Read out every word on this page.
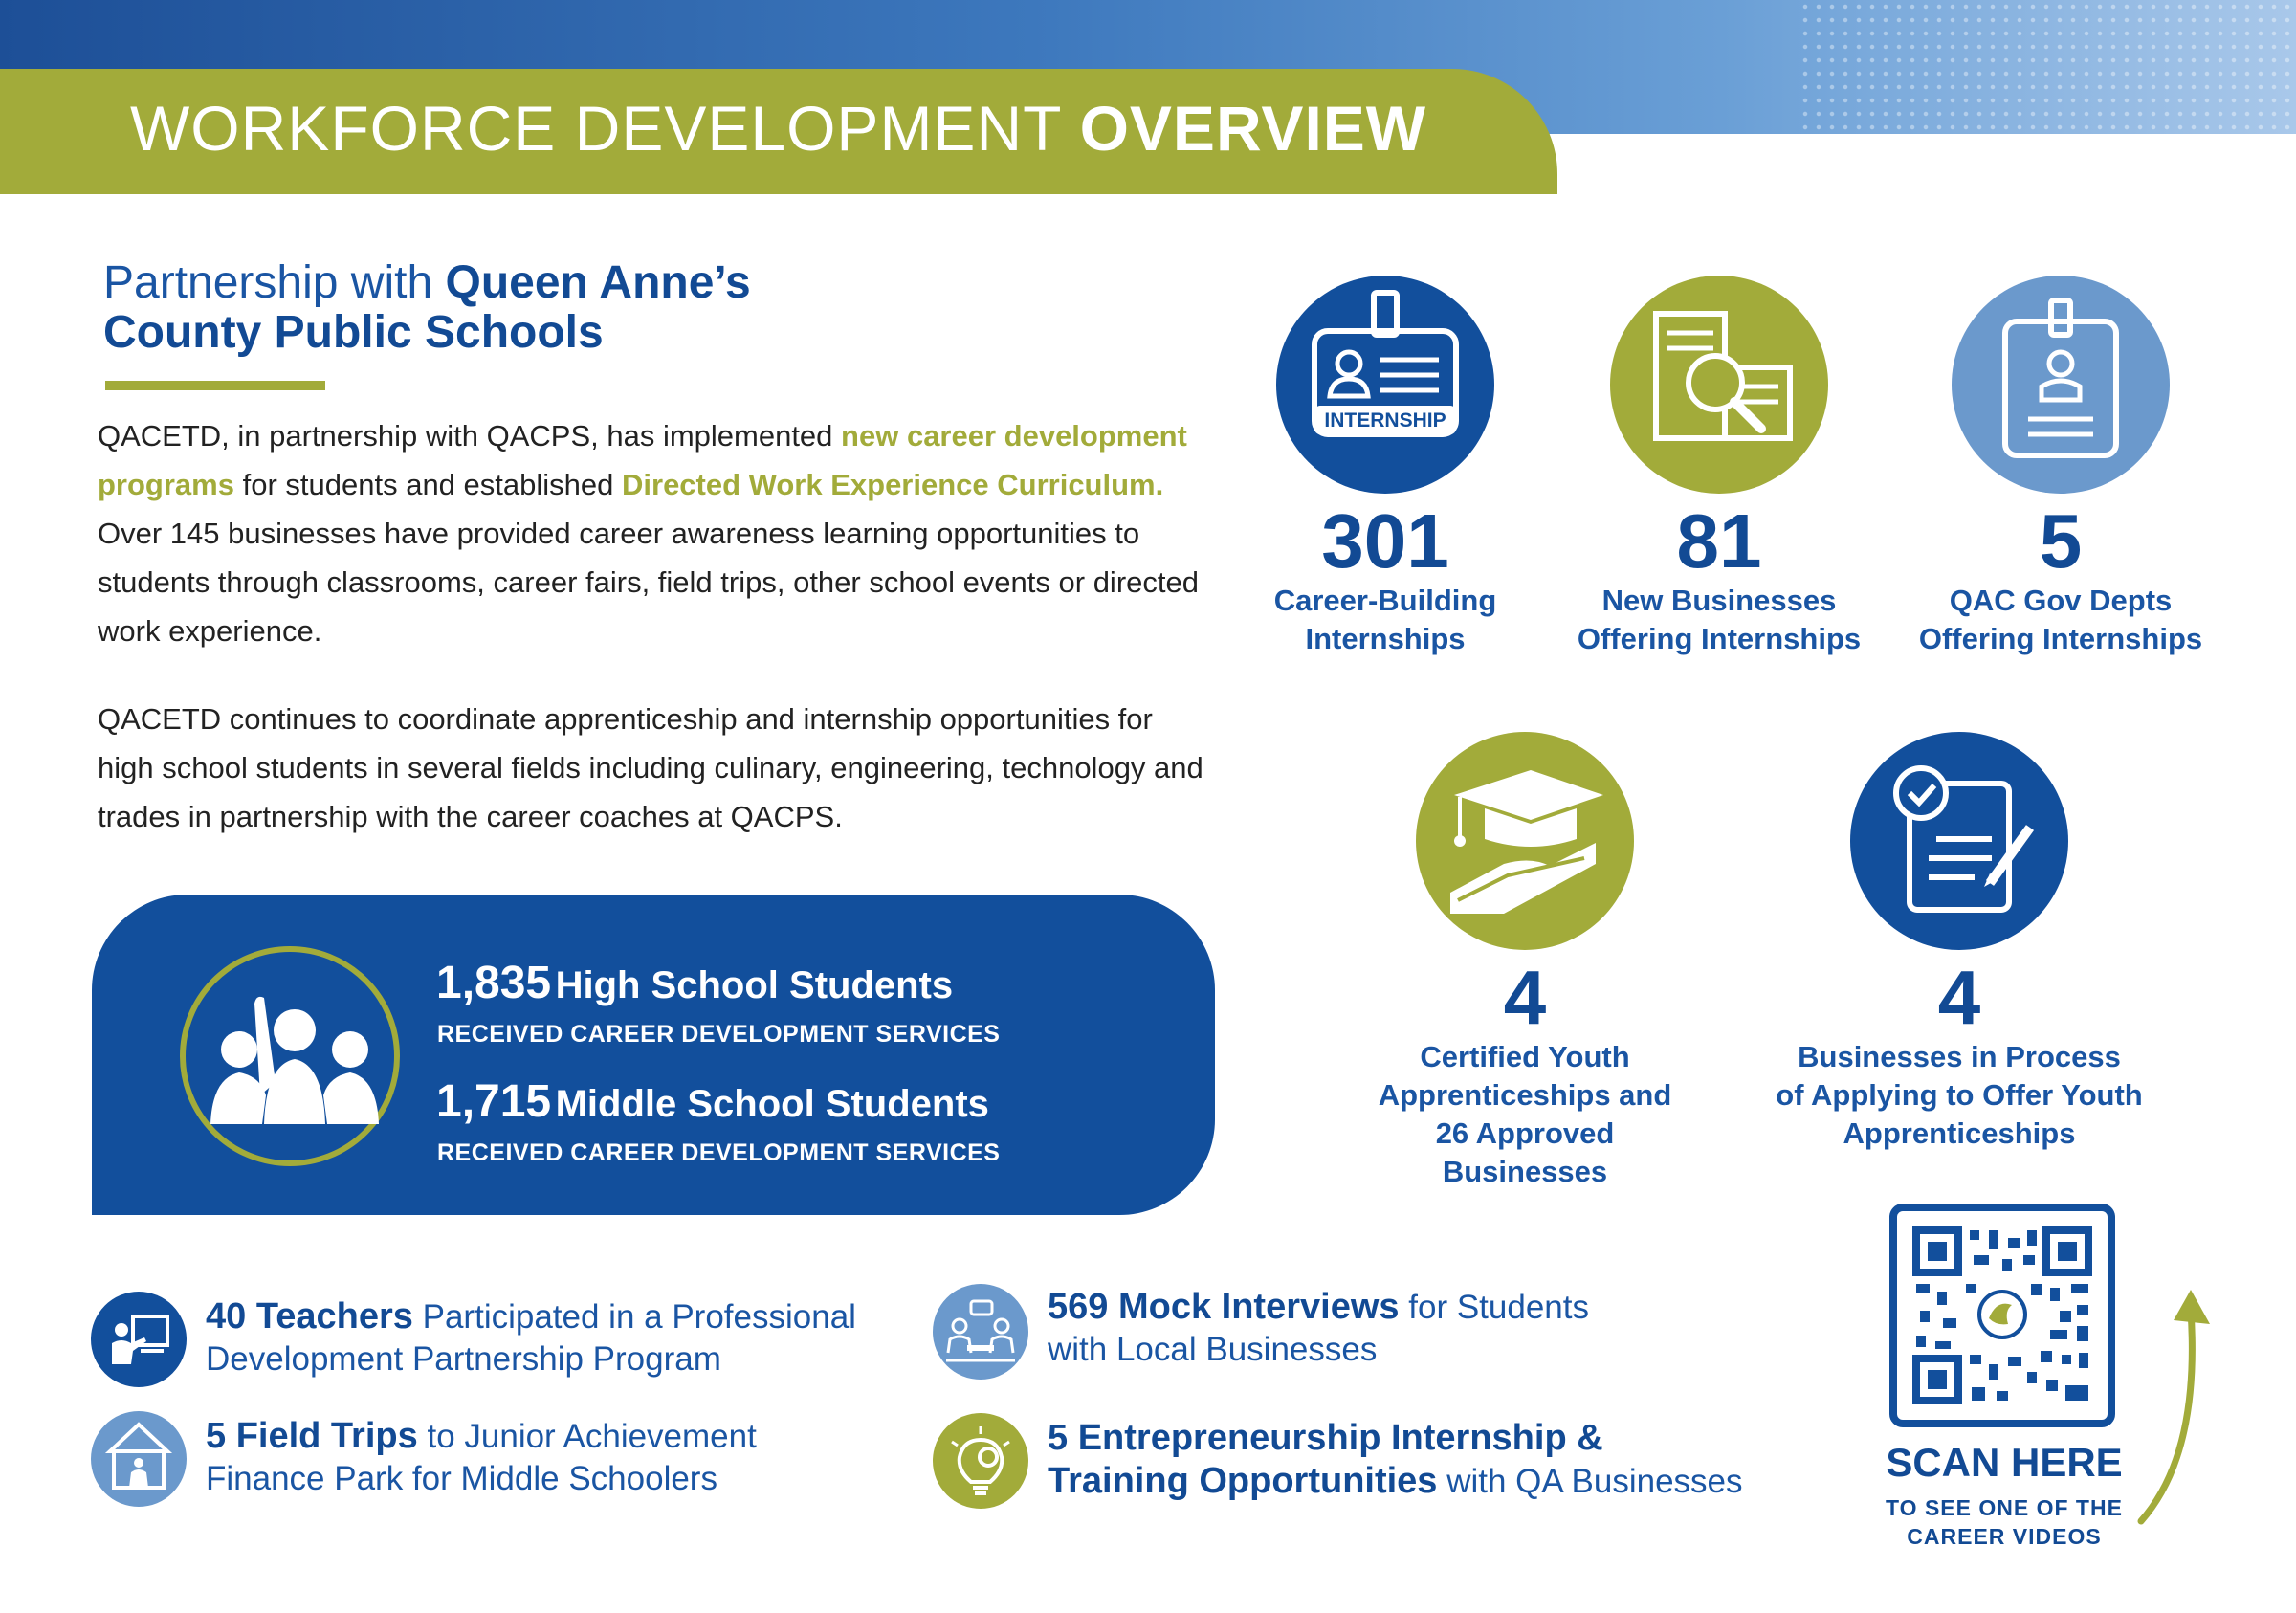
WORKFORCE DEVELOPMENT OVERVIEW
Partnership with Queen Anne’s County Public Schools
QACETD, in partnership with QACPS, has implemented new career development programs for students and established Directed Work Experience Curriculum.  Over 145 businesses have provided career awareness learning opportunities to students through classrooms, career fairs, field trips, other school events or directed work experience.
QACETD continues to coordinate apprenticeship and internship opportunities for high school students in several fields including culinary, engineering, technology and trades in partnership with the career coaches at QACPS.
1,835 High School Students
RECEIVED CAREER DEVELOPMENT SERVICES
1,715 Middle School Students
RECEIVED CAREER DEVELOPMENT SERVICES
INTERNSHIP
301
Career-Building
Internships
81
New Businesses
Offering Internships
5
QAC Gov Depts
Offering Internships
4
Certified Youth
Apprenticeships and
26 Approved Businesses
4
Businesses in Process
of Applying to Offer Youth
Apprenticeships
40 Teachers Participated in a Professional
Development Partnership Program
5 Field Trips to Junior Achievement
Finance Park for Middle Schoolers
569 Mock Interviews for Students
with Local Businesses
5 Entrepreneurship Internship &
Training Opportunities with QA Businesses	SCAN HERE
TO SEE ONE OF THE
CAREER VIDEOS
